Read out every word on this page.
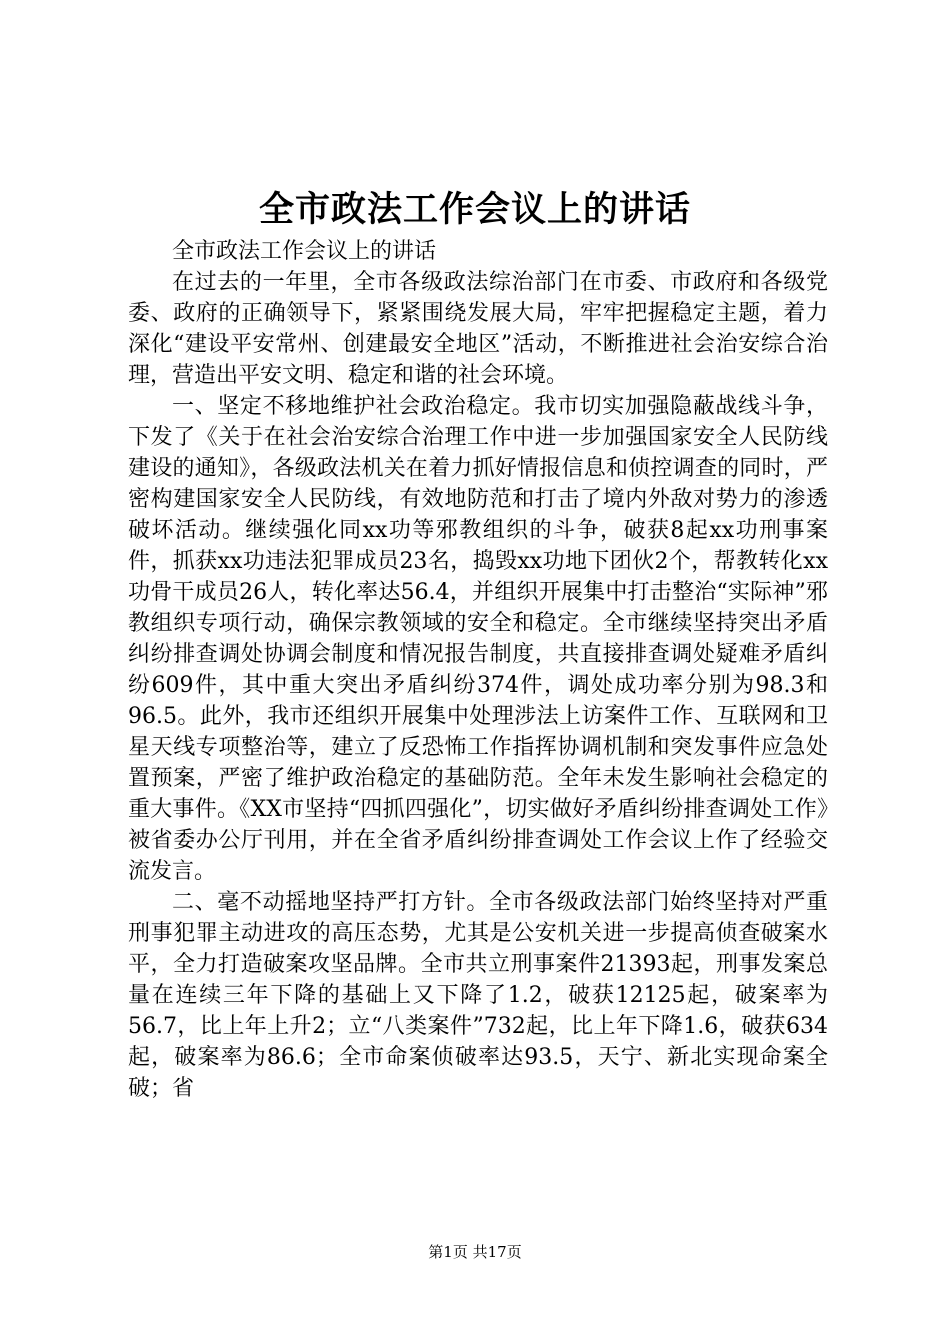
全市政法工作会议上的讲话

全市政法工作会议上的讲话

在过去的一年里，全市各级政法综治部门在市委、市政府和各级党委、政府的正确领导下，紧紧围绕发展大局，牢牢把握稳定主题，着力深化“建设平安常州、创建最安全地区”活动，不断推进社会治安综合治理，营造出平安文明、稳定和谐的社会环境。

一、坚定不移地维护社会政治稳定。我市切实加强隐蔽战线斗争，下发了《关于在社会治安综合治理工作中进一步加强国家安全人民防线建设的通知》，各级政法机关在着力抓好情报信息和侦控调查的同时，严密构建国家安全人民防线，有效地防范和打击了境内外敌对势力的渗透破坏活动。继续强化同xx功等邪教组织的斗争，破获8起xx功刑事案件，抓获xx功违法犯罪成员23名，捣毁xx功地下团伙2个，帮教转化xx功骨干成员26人，转化率达56.4，并组织开展集中打击整治“实际神”邪教组织专项行动，确保宗教领域的安全和稳定。全市继续坚持突出矛盾纠纷排查调处协调会制度和情况报告制度，共直接排查调处疑难矛盾纠纷609件，其中重大突出矛盾纠纷374件，调处成功率分别为98.3和96.5。此外，我市还组织开展集中处理涉法上访案件工作、互联网和卫星天线专项整治等，建立了反恐怖工作指挥协调机制和突发事件应急处置预案，严密了维护政治稳定的基础防范。全年未发生影响社会稳定的重大事件。《XX市坚持“四抓四强化”，切实做好矛盾纠纷排查调处工作》被省委办公厅刊用，并在全省矛盾纠纷排查调处工作会议上作了经验交流发言。

二、毫不动摇地坚持严打方针。全市各级政法部门始终坚持对严重刑事犯罪主动进攻的高压态势，尤其是公安机关进一步提高侦查破案水平，全力打造破案攻坚品牌。全市共立刑事案件21393起，刑事发案总量在连续三年下降的基础上又下降了1.2，破获12125起，破案率为56.7，比上年上升2；立“八类案件”732起，比上年下降1.6，破获634起，破案率为86.6；全市命案侦破率达93.5，天宁、新北实现命案全破；省

第1页 共17页
